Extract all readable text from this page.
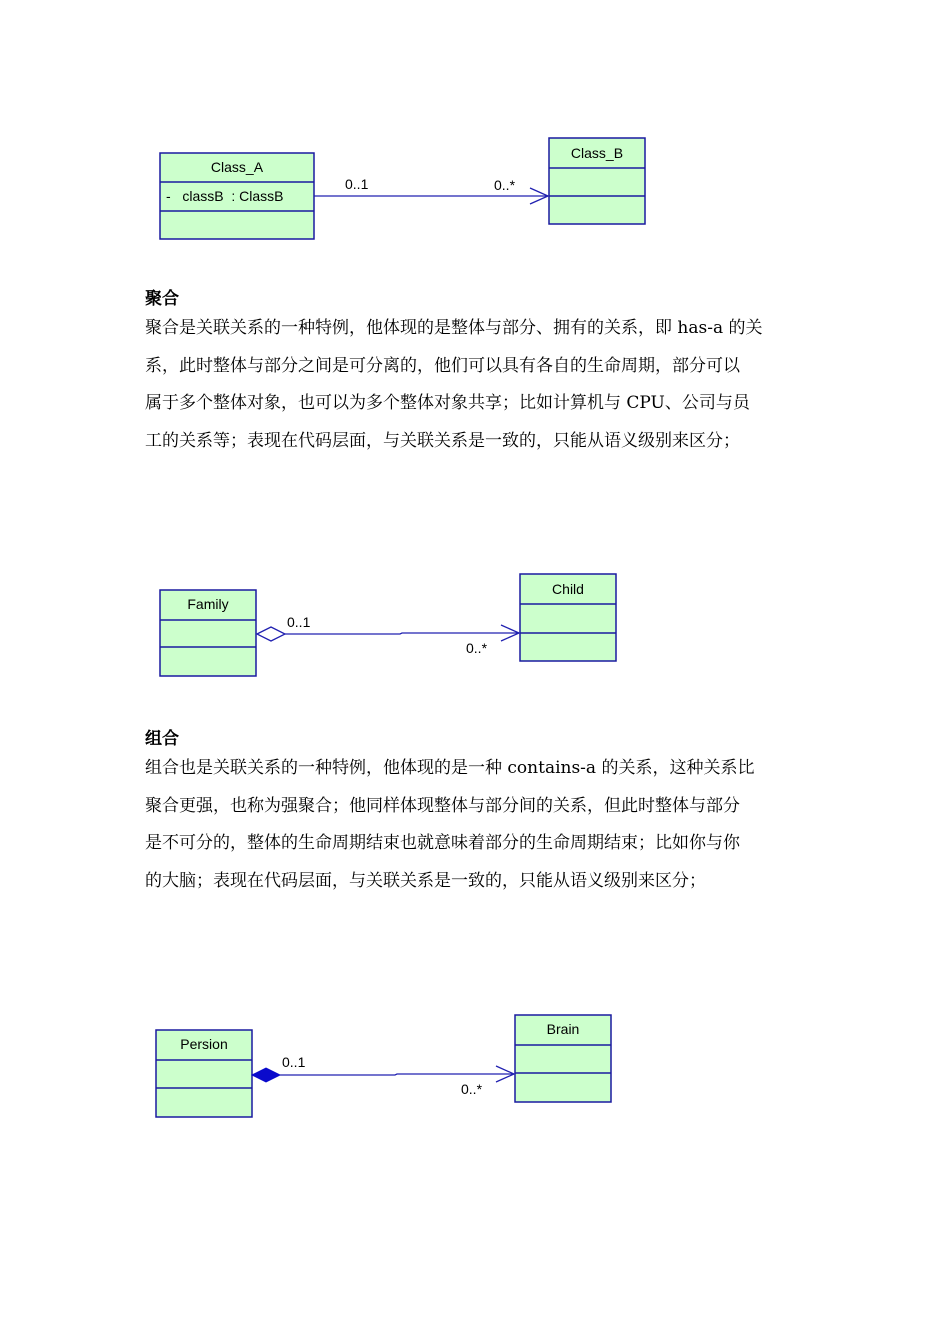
Class_A
-   classB  : ClassB
Class_B
0..1	0..*
聚合
聚合是关联关系的一种特例，他体现的是整体与部分、拥有的关系，即 has-a 的关
系，此时整体与部分之间是可分离的，他们可以具有各自的生命周期，部分可以
属于多个整体对象，也可以为多个整体对象共享；比如计算机与 CPU、公司与员
工的关系等；表现在代码层面，与关联关系是一致的，只能从语义级别来区分；
Family
Child
0..1
0..*
组合
组合也是关联关系的一种特例，他体现的是一种 contains-a 的关系，这种关系比
聚合更强，也称为强聚合；他同样体现整体与部分间的关系，但此时整体与部分
是不可分的，整体的生命周期结束也就意味着部分的生命周期结束；比如你与你
的大脑；表现在代码层面，与关联关系是一致的，只能从语义级别来区分；
Persion
Brain
0..1
0..*
